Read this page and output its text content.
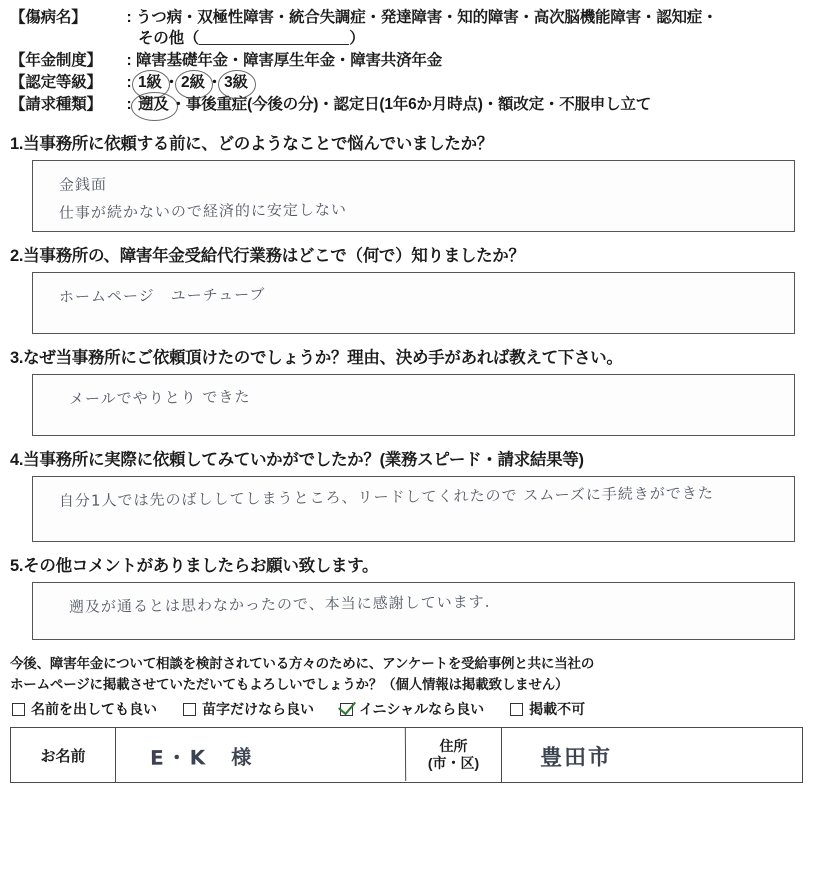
【傷病名】	: うつ病・双極性障害・統合失調症・発達障害・知的障害・高次脳機能障害・認知症・
その他（	）
【年金制度】	: 障害基礎年金・障害厚生年金・障害共済年金
【認定等級】	: 1級 ・ 2級 ・ 3級
【請求種類】	: 遡及 ・事後重症(今後の分)・認定日(1年6か月時点)・額改定・不服申し立て
1.当事務所に依頼する前に、どのようなことで悩んでいましたか？
金銭面
仕事が続かないので経済的に安定しない
2.当事務所の、障害年金受給代行業務はどこで（何で）知りましたか？
ホームページ　ユーチューブ
3.なぜ当事務所にご依頼頂けたのでしょうか？理由、決め手があれば教えて下さい。
メールでやりとり できた
4.当事務所に実際に依頼してみていかがでしたか？(業務スピード・請求結果等)
自分1人では先のばししてしまうところ、リードしてくれたので スムーズに手続きができた
5.その他コメントがありましたらお願い致します。
遡及が通るとは思わなかったので、本当に感謝しています.
今後、障害年金について相談を検討されている方々のために、アンケートを受給事例と共に当社の
ホームページに掲載させていただいてもよろしいでしょうか？（個人情報は掲載致しません）
名前を出しても良い	苗字だけなら良い	イニシャルなら良い	掲載不可
お名前	E・K　様	住所
(市・区)	豊田市
